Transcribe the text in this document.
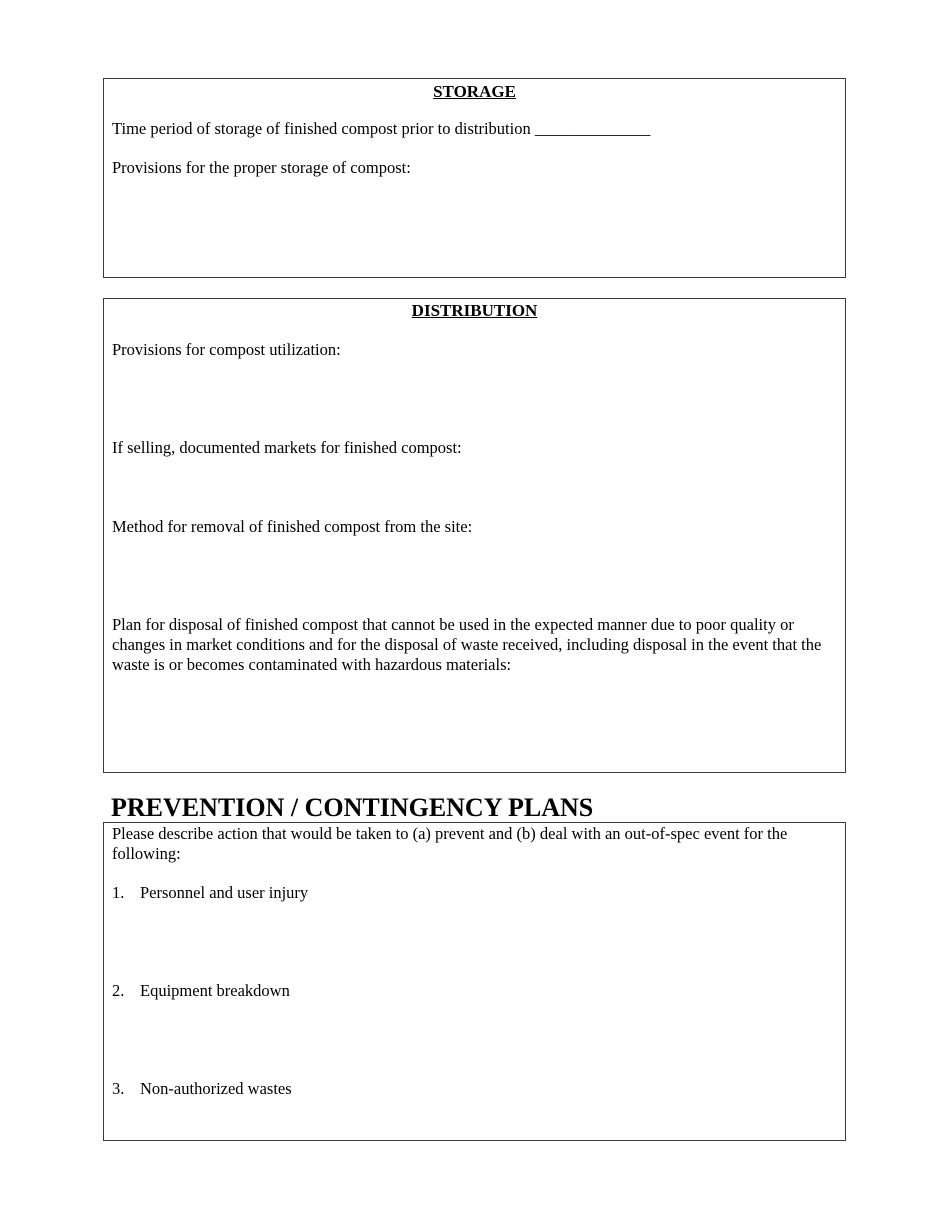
STORAGE
Time period of storage of finished compost prior to distribution ______________
Provisions for the proper storage of compost:
DISTRIBUTION
Provisions for compost utilization:
If selling, documented markets for finished compost:
Method for removal of finished compost from the site:
Plan for disposal of finished compost that cannot be used in the expected manner due to poor quality or changes in market conditions and for the disposal of waste received, including disposal in the event that the waste is or becomes contaminated with hazardous materials:
PREVENTION / CONTINGENCY PLANS
Please describe action that would be taken to (a) prevent and (b) deal with an out-of-spec event for the following:
1. Personnel and user injury
2. Equipment breakdown
3. Non-authorized wastes
